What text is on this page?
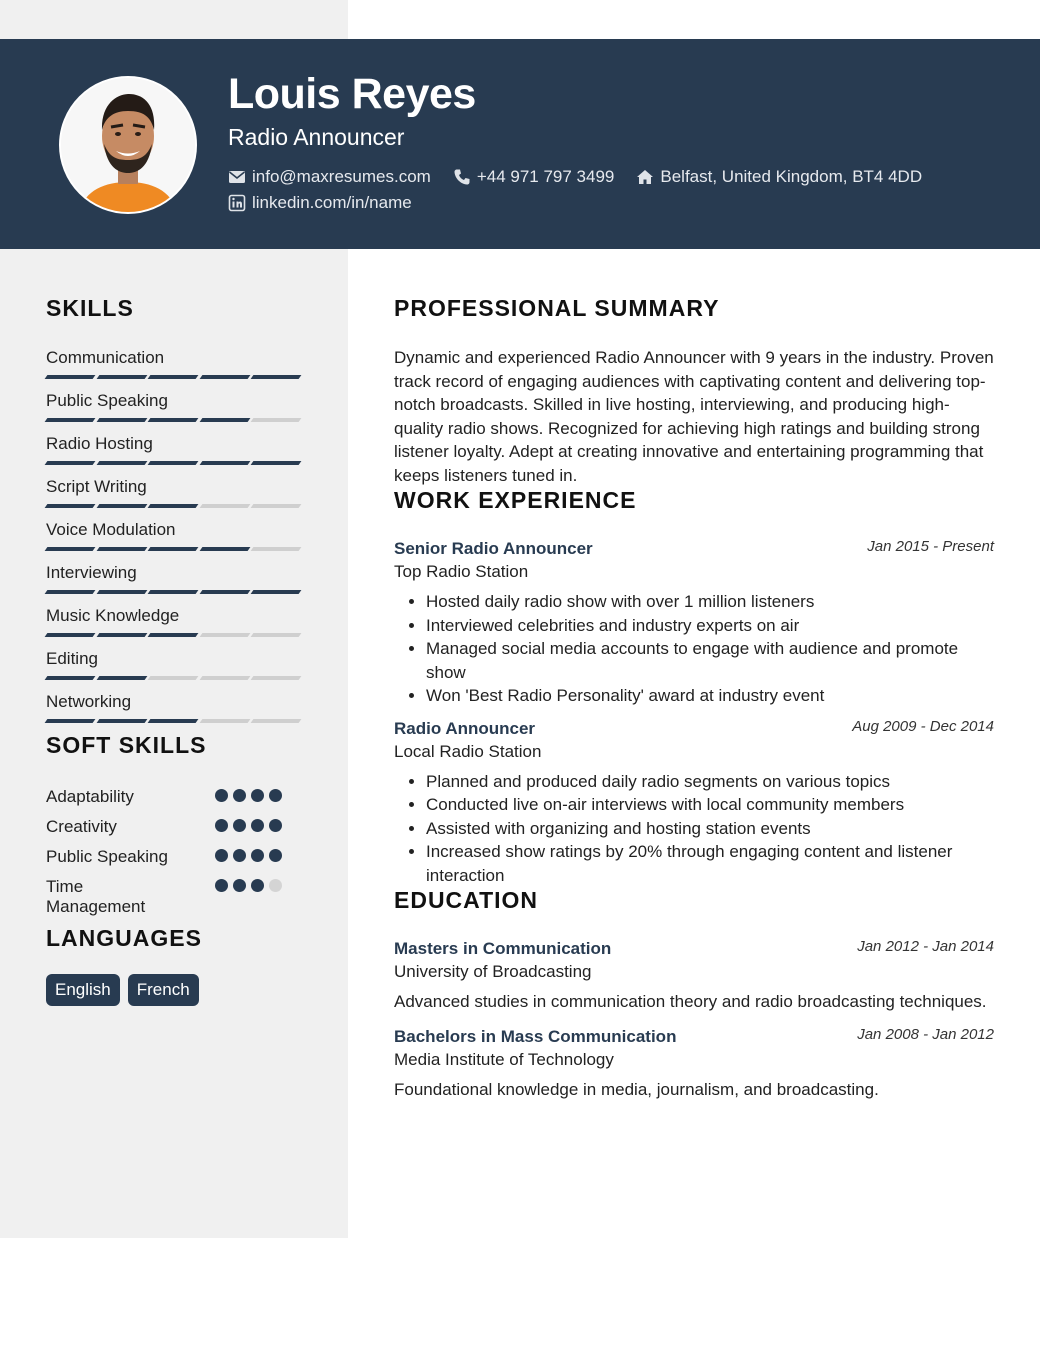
Louis Reyes
Radio Announcer
info@maxresumes.com	+44 971 797 3499	Belfast, United Kingdom, BT4 4DD
linkedin.com/in/name
SKILLS
Communication
Public Speaking
Radio Hosting
Script Writing
Voice Modulation
Interviewing
Music Knowledge
Editing
Networking
SOFT SKILLS
Adaptability
Creativity
Public Speaking
Time Management
LANGUAGES
English	French
PROFESSIONAL SUMMARY
Dynamic and experienced Radio Announcer with 9 years in the industry. Proven track record of engaging audiences with captivating content and delivering top-notch broadcasts. Skilled in live hosting, interviewing, and producing high-quality radio shows. Recognized for achieving high ratings and building strong listener loyalty. Adept at creating innovative and entertaining programming that keeps listeners tuned in.
WORK EXPERIENCE
Senior Radio Announcer	Jan 2015 - Present
Top Radio Station
• Hosted daily radio show with over 1 million listeners
• Interviewed celebrities and industry experts on air
• Managed social media accounts to engage with audience and promote show
• Won 'Best Radio Personality' award at industry event
Radio Announcer	Aug 2009 - Dec 2014
Local Radio Station
• Planned and produced daily radio segments on various topics
• Conducted live on-air interviews with local community members
• Assisted with organizing and hosting station events
• Increased show ratings by 20% through engaging content and listener interaction
EDUCATION
Masters in Communication	Jan 2012 - Jan 2014
University of Broadcasting
Advanced studies in communication theory and radio broadcasting techniques.
Bachelors in Mass Communication	Jan 2008 - Jan 2012
Media Institute of Technology
Foundational knowledge in media, journalism, and broadcasting.
